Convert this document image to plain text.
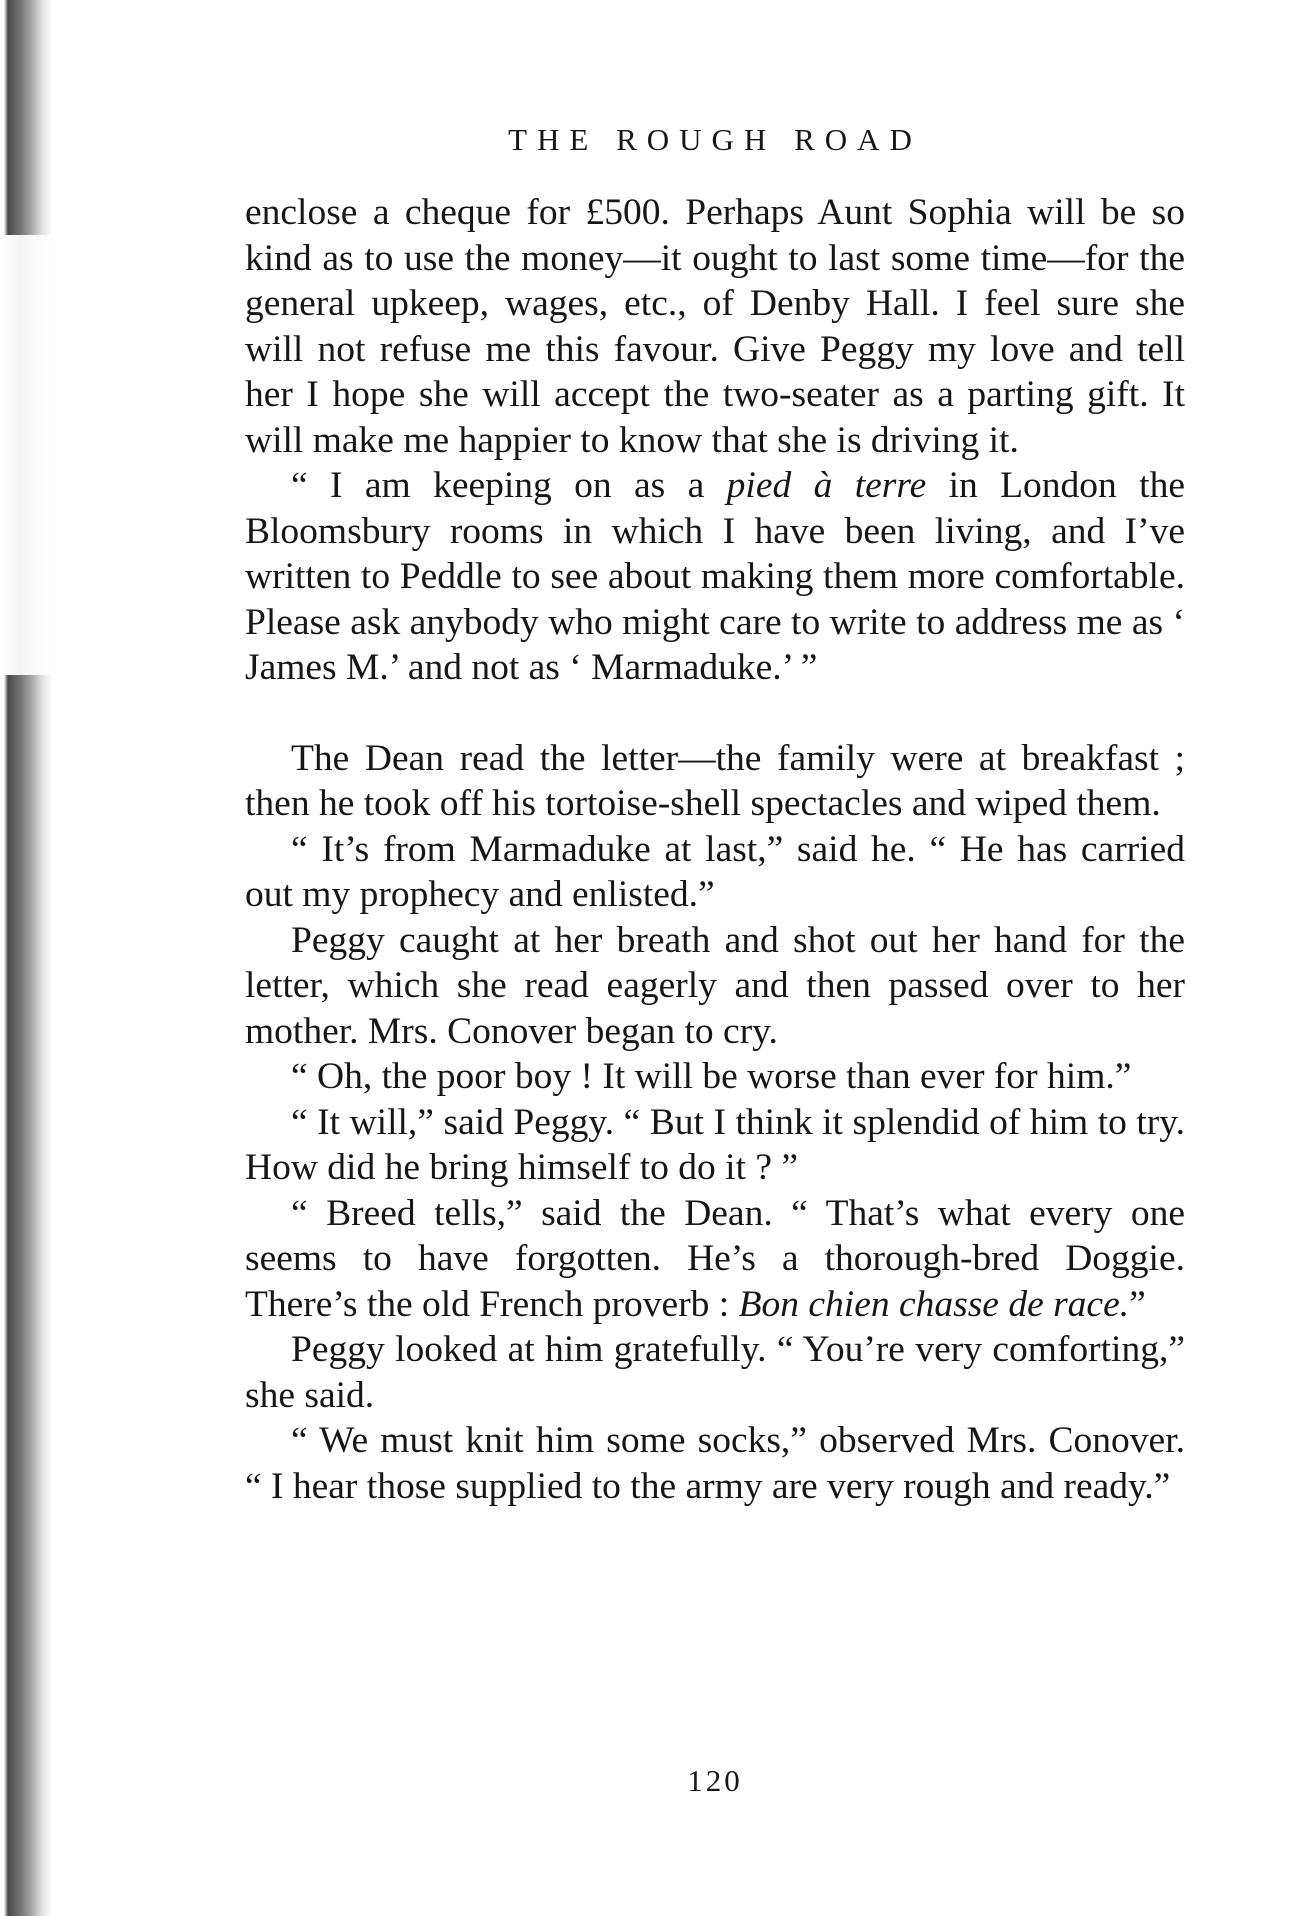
THE ROUGH ROAD

enclose a cheque for £500. Perhaps Aunt Sophia will be so kind as to use the money—it ought to last some time—for the general upkeep, wages, etc., of Denby Hall. I feel sure she will not refuse me this favour. Give Peggy my love and tell her I hope she will accept the two-seater as a parting gift. It will make me happier to know that she is driving it.

“ I am keeping on as a pied à terre in London the Bloomsbury rooms in which I have been living, and I’ve written to Peddle to see about making them more comfortable. Please ask anybody who might care to write to address me as ‘ James M.’ and not as ‘ Marmaduke.’ ”

The Dean read the letter—the family were at breakfast ; then he took off his tortoise-shell spectacles and wiped them.

“ It’s from Marmaduke at last,” said he. “ He has carried out my prophecy and enlisted.”

Peggy caught at her breath and shot out her hand for the letter, which she read eagerly and then passed over to her mother. Mrs. Conover began to cry.

“ Oh, the poor boy ! It will be worse than ever for him.”

“ It will,” said Peggy. “ But I think it splendid of him to try. How did he bring himself to do it ? ”

“ Breed tells,” said the Dean. “ That’s what every one seems to have forgotten. He’s a thorough-bred Doggie. There’s the old French proverb : Bon chien chasse de race.”

Peggy looked at him gratefully. “ You’re very comforting,” she said.

“ We must knit him some socks,” observed Mrs. Conover. “ I hear those supplied to the army are very rough and ready.”

120
